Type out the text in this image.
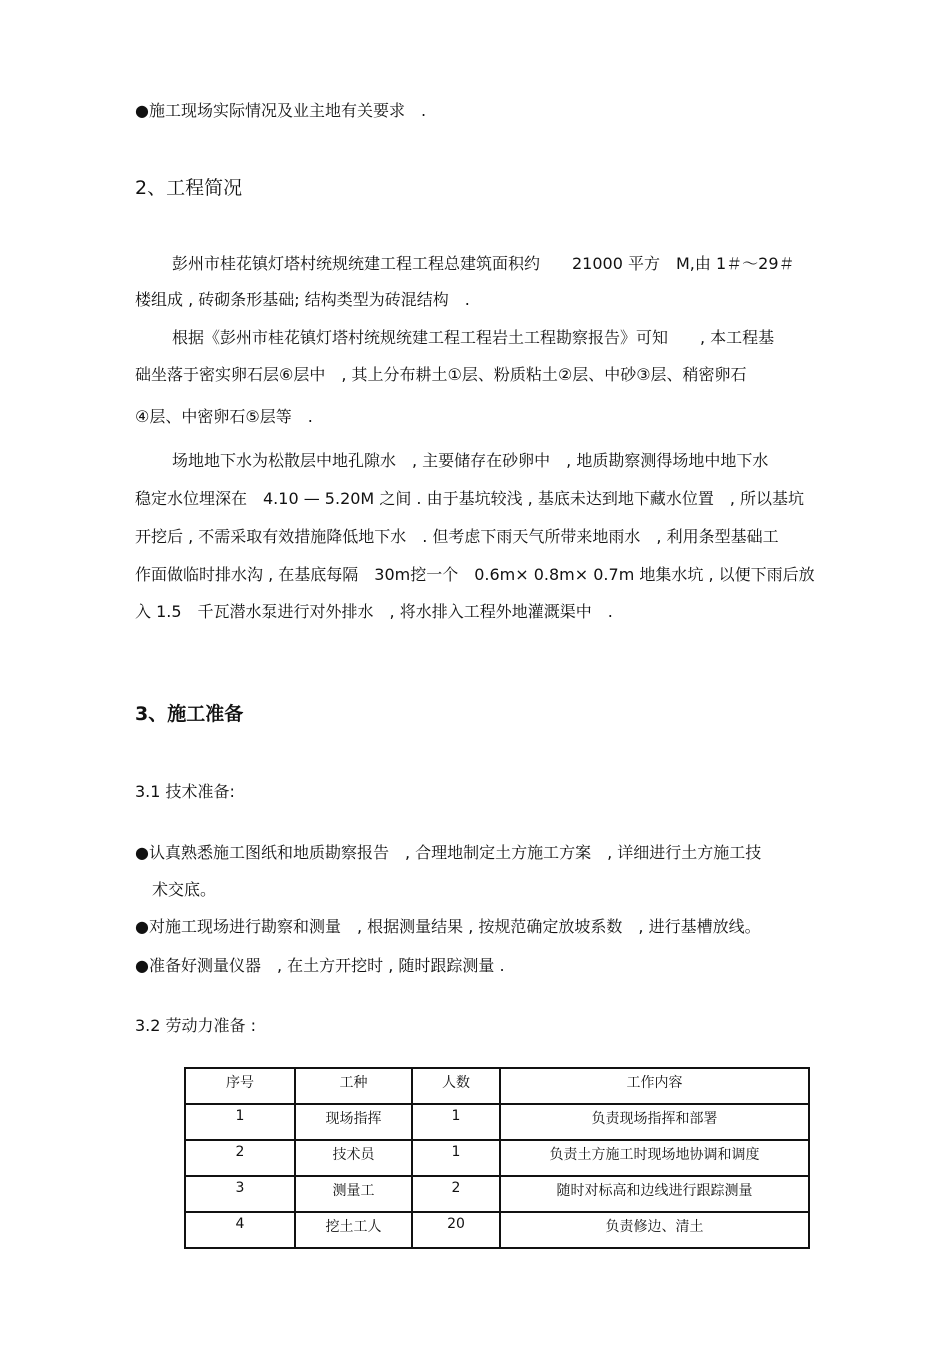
●施工现场实际情况及业主地有关要求　.
2、工程简况
彭州市桂花镇灯塔村统规统建工程工程总建筑面积约　　21000 平方　M,由 1＃～29＃
楼组成 , 砖砌条形基础; 结构类型为砖混结构　.
根据《彭州市桂花镇灯塔村统规统建工程工程岩土工程勘察报告》可知　　, 本工程基
础坐落于密实卵石层⑥层中　, 其上分布耕土①层、粉质粘土②层、中砂③层、稍密卵石
④层、中密卵石⑤层等　.
场地地下水为松散层中地孔隙水　, 主要储存在砂卵中　, 地质勘察测得场地中地下水
稳定水位埋深在　4.10 — 5.20M 之间 . 由于基坑较浅 , 基底未达到地下藏水位置　, 所以基坑
开挖后 , 不需采取有效措施降低地下水　. 但考虑下雨天气所带来地雨水　, 利用条型基础工
作面做临时排水沟 , 在基底每隔　30m挖一个　0.6m× 0.8m× 0.7m 地集水坑 , 以便下雨后放
入 1.5　千瓦潜水泵进行对外排水　, 将水排入工程外地灌溉渠中　.
3、施工准备
3.1 技术准备:
●认真熟悉施工图纸和地质勘察报告　, 合理地制定土方施工方案　, 详细进行土方施工技
术交底。
●对施工现场进行勘察和测量　, 根据测量结果 , 按规范确定放坡系数　, 进行基槽放线。
●准备好测量仪器　, 在土方开挖时 , 随时跟踪测量 .
3.2 劳动力准备 :
序号	工种	人数	工作内容
1	现场指挥	1	负责现场指挥和部署
2	技术员	1	负责土方施工时现场地协调和调度
3	测量工	2	随时对标高和边线进行跟踪测量
4	挖土工人	20	负责修边、清土
